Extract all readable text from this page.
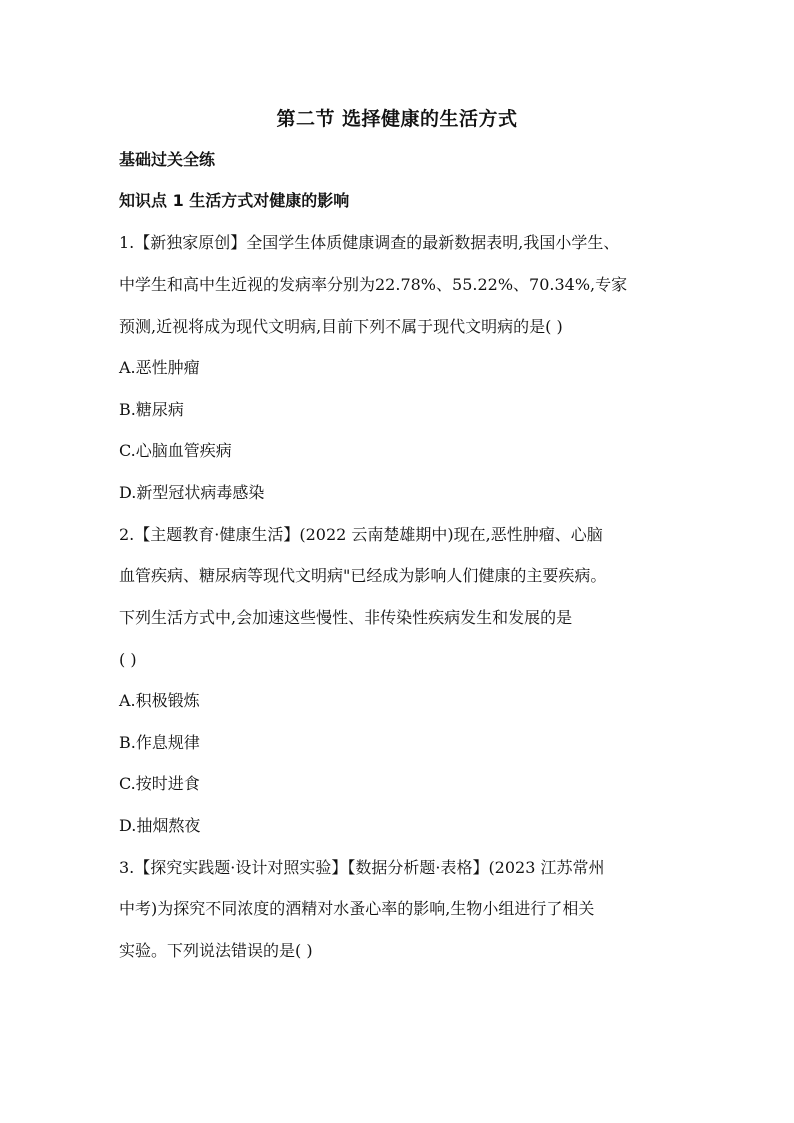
第二节 选择健康的生活方式
基础过关全练
知识点 1 生活方式对健康的影响
1.【新独家原创】全国学生体质健康调查的最新数据表明,我国小学生、
中学生和高中生近视的发病率分别为22.78%、55.22%、70.34%,专家
预测,近视将成为现代文明病,目前下列不属于现代文明病的是( )
A.恶性肿瘤
B.糖尿病
C.心脑血管疾病
D.新型冠状病毒感染
2.【主题教育·健康生活】(2022 云南楚雄期中)现在,恶性肿瘤、心脑
血管疾病、糖尿病等现代文明病"已经成为影响人们健康的主要疾病。
下列生活方式中,会加速这些慢性、非传染性疾病发生和发展的是
( )
A.积极锻炼
B.作息规律
C.按时进食
D.抽烟熬夜
3.【探究实践题·设计对照实验】【数据分析题·表格】(2023 江苏常州
中考)为探究不同浓度的酒精对水蚤心率的影响,生物小组进行了相关
实验。下列说法错误的是( )
